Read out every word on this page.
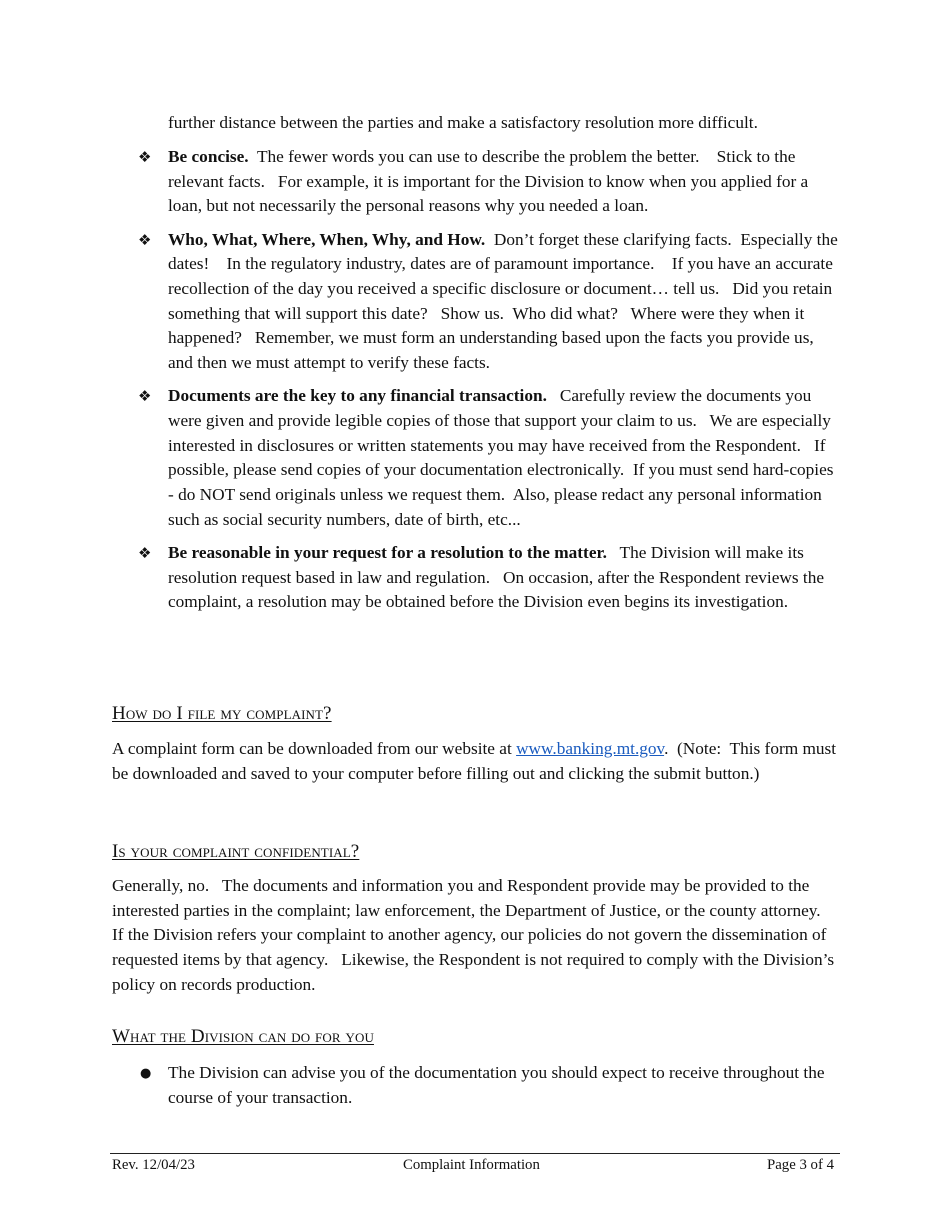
further distance between the parties and make a satisfactory resolution more difficult.

❖ Be concise.  The fewer words you can use to describe the problem the better.    Stick to the relevant facts.   For example, it is important for the Division to know when you applied for a loan, but not necessarily the personal reasons why you needed a loan.
❖ Who, What, Where, When, Why, and How.  Don’t forget these clarifying facts.  Especially the dates!    In the regulatory industry, dates are of paramount importance.    If you have an accurate recollection of the day you received a specific disclosure or document… tell us.   Did you retain something that will support this date?   Show us.  Who did what?   Where were they when it happened?   Remember, we must form an understanding based upon the facts you provide us, and then we must attempt to verify these facts.
❖ Documents are the key to any financial transaction.   Carefully review the documents you were given and provide legible copies of those that support your claim to us.   We are especially interested in disclosures or written statements you may have received from the Respondent.   If possible, please send copies of your documentation electronically.  If you must send hard-copies - do NOT send originals unless we request them.  Also, please redact any personal information such as social security numbers, date of birth, etc...
❖ Be reasonable in your request for a resolution to the matter.   The Division will make its resolution request based in law and regulation.   On occasion, after the Respondent reviews the complaint, a resolution may be obtained before the Division even begins its investigation.
How do I file my complaint?

A complaint form can be downloaded from our website at www.banking.mt.gov.  (Note:  This form must be downloaded and saved to your computer before filling out and clicking the submit button.)

Is your complaint confidential?

Generally, no.   The documents and information you and Respondent provide may be provided to the interested parties in the complaint; law enforcement, the Department of Justice, or the county attorney.   If the Division refers your complaint to another agency, our policies do not govern the dissemination of requested items by that agency.   Likewise, the Respondent is not required to comply with the Division’s policy on records production.

What the Division can do for you
● The Division can advise you of the documentation you should expect to receive throughout the course of your transaction.
Rev. 12/04/23	Complaint Information	Page 3 of 4
